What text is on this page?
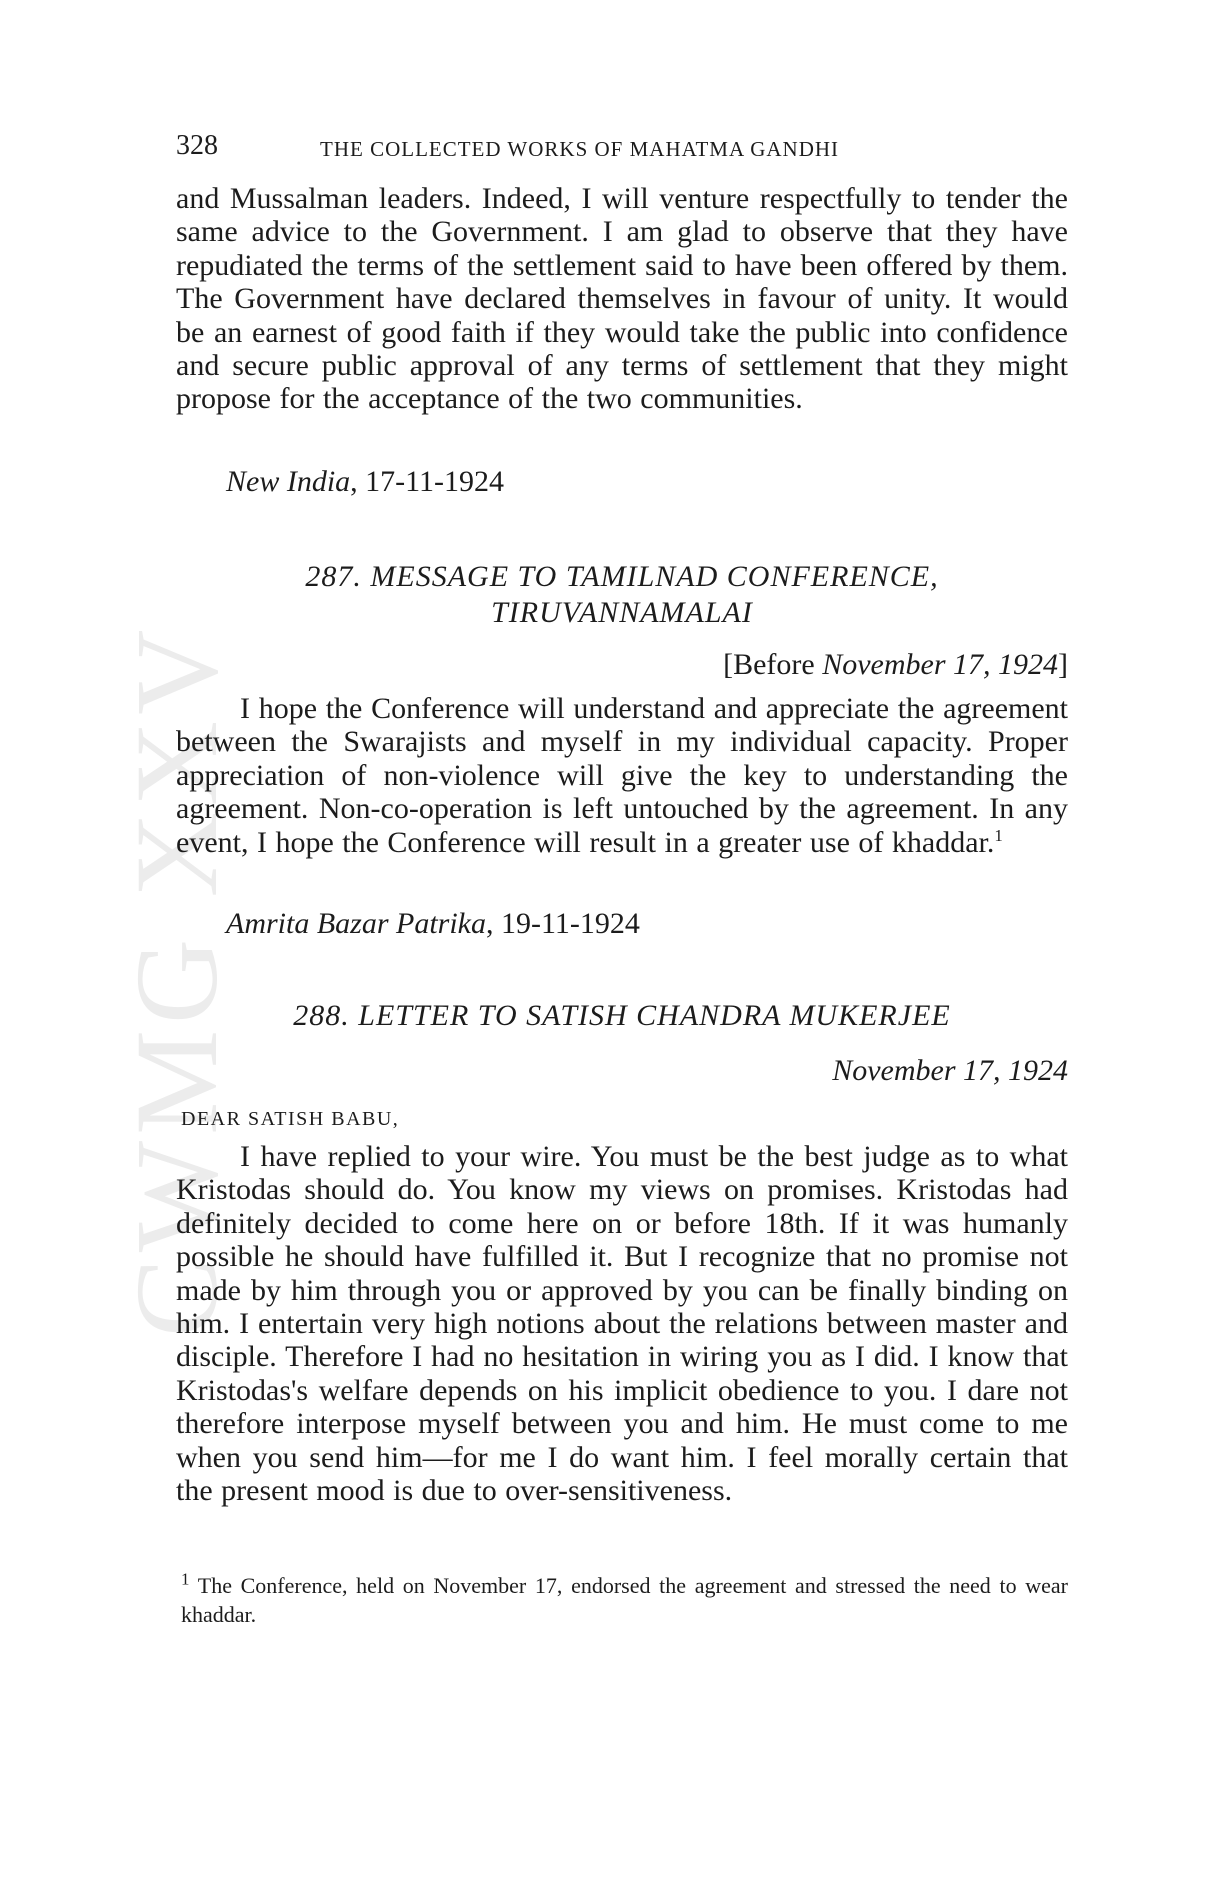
CWMG XXV
328	THE COLLECTED WORKS OF MAHATMA GANDHI

and Mussalman leaders. Indeed, I will venture respectfully to tender the same advice to the Government. I am glad to observe that they have repudiated the terms of the settlement said to have been offered by them. The Government have declared themselves in favour of unity. It would be an earnest of good faith if they would take the public into confidence and secure public approval of any terms of settlement that they might propose for the acceptance of the two communities.

New India, 17-11-1924
287. MESSAGE TO TAMILNAD CONFERENCE,
TIRUVANNAMALAI
[Before November 17, 1924]

I hope the Conference will understand and appreciate the agreement between the Swarajists and myself in my individual capacity. Proper appreciation of non-violence will give the key to understanding the agreement. Non-co-operation is left untouched by the agreement. In any event, I hope the Conference will result in a greater use of khaddar.$^1$

Amrita Bazar Patrika, 19-11-1924
288. LETTER TO SATISH CHANDRA MUKERJEE
November 17, 1924
DEAR SATISH BABU,

I have replied to your wire. You must be the best judge as to what Kristodas should do. You know my views on promises. Kristodas had definitely decided to come here on or before 18th. If it was humanly possible he should have fulfilled it. But I recognize that no promise not made by him through you or approved by you can be finally binding on him. I entertain very high notions about the relations between master and disciple. Therefore I had no hesitation in wiring you as I did. I know that Kristodas's welfare depends on his implicit obedience to you. I dare not therefore interpose myself between you and him. He must come to me when you send him—for me I do want him. I feel morally certain that the present mood is due to over-sensitiveness.

$^1$ The Conference, held on November 17, endorsed the agreement and stressed the need to wear khaddar.
